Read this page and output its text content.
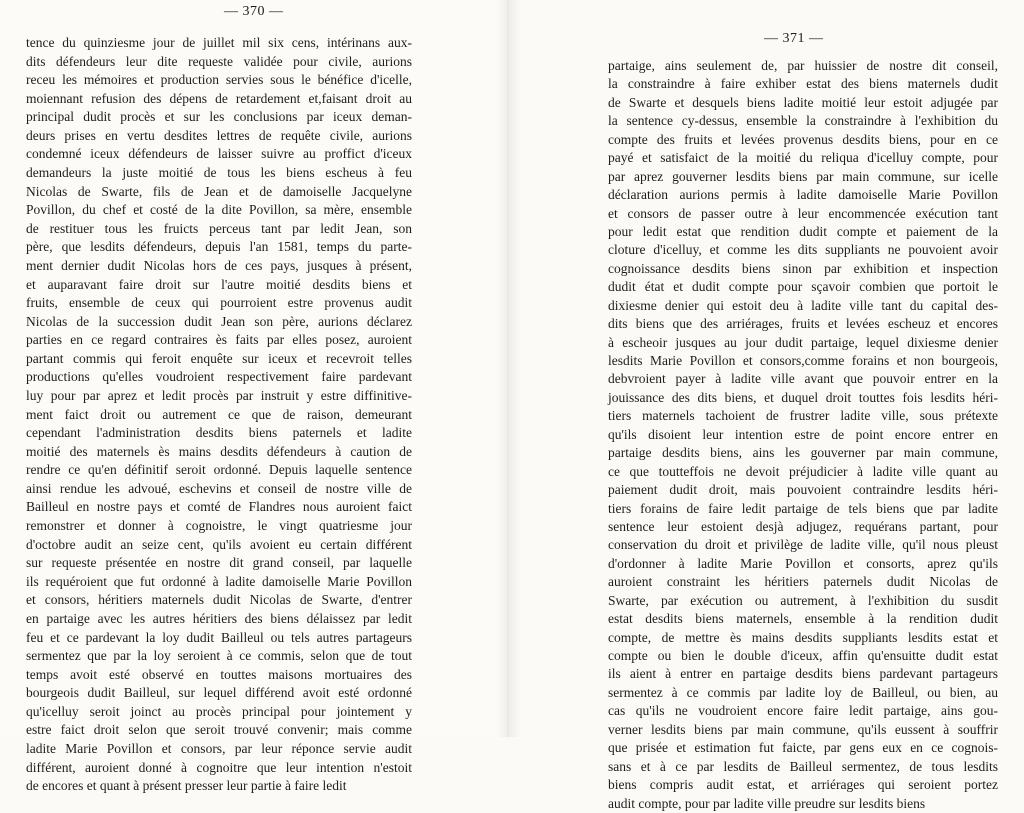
— 370 —
tence du quinziesme jour de juillet mil six cens, intérinans aux-
dits défendeurs leur dite requeste validée pour civile, aurions
receu les mémoires et production servies sous le bénéfice d'icelle,
moiennant refusion des dépens de retardement et,faisant droit au
principal dudit procès et sur les conclusions par iceux deman-
deurs prises en vertu desdites lettres de requête civile, aurions
condemné iceux défendeurs de laisser suivre au proffict d'iceux
demandeurs la juste moitié de tous les biens escheus à feu
Nicolas de Swarte, fils de Jean et de damoiselle Jacquelyne
Povillon, du chef et costé de la dite Povillon, sa mère, ensemble
de restituer tous les fruicts perceus tant par ledit Jean, son
père, que lesdits défendeurs, depuis l'an 1581, temps du parte-
ment dernier dudit Nicolas hors de ces pays, jusques à présent,
et auparavant faire droit sur l'autre moitié desdits biens et
fruits, ensemble de ceux qui pourroient estre provenus audit
Nicolas de la succession dudit Jean son père, aurions déclarez
parties en ce regard contraires ès faits par elles posez, auroient
partant commis qui feroit enquête sur iceux et recevroit telles
productions qu'elles voudroient respectivement faire pardevant
luy pour par aprez et ledit procès par instruit y estre diffinitive-
ment faict droit ou autrement ce que de raison, demeurant
cependant l'administration desdits biens paternels et ladite
moitié des maternels ès mains desdits défendeurs à caution de
rendre ce qu'en définitif seroit ordonné. Depuis laquelle sentence
ainsi rendue les advoué, eschevins et conseil de nostre ville de
Bailleul en nostre pays et comté de Flandres nous auroient faict
remonstrer et donner à cognoistre, le vingt quatriesme jour
d'octobre audit an seize cent, qu'ils avoient eu certain différent
sur requeste présentée en nostre dit grand conseil, par laquelle
ils requéroient que fut ordonné à ladite damoiselle Marie Povillon
et consors, héritiers maternels dudit Nicolas de Swarte, d'entrer
en partaige avec les autres héritiers des biens délaissez par ledit
feu et ce pardevant la loy dudit Bailleul ou tels autres partageurs
sermentez que par la loy seroient à ce commis, selon que de tout
temps avoit esté observé en touttes maisons mortuaires des
bourgeois dudit Bailleul, sur lequel différend avoit esté ordonné
qu'icelluy seroit joinct au procès principal pour jointement y
estre faict droit selon que seroit trouvé convenir; mais comme
ladite Marie Povillon et consors, par leur réponce servie audit
différent, auroient donné à cognoitre que leur intention n'estoit
de encores et quant à présent presser leur partie à faire ledit
— 371 —
partaige, ains seulement de, par huissier de nostre dit conseil,
la constraindre à faire exhiber estat des biens maternels dudit
de Swarte et desquels biens ladite moitié leur estoit adjugée par
la sentence cy-dessus, ensemble la constraindre à l'exhibition du
compte des fruits et levées provenus desdits biens, pour en ce
payé et satisfaict de la moitié du reliqua d'icelluy compte, pour
par aprez gouverner lesdits biens par main commune, sur icelle
déclaration aurions permis à ladite damoiselle Marie Povillon
et consors de passer outre à leur encommencée exécution tant
pour ledit estat que rendition dudit compte et paiement de la
cloture d'icelluy, et comme les dits suppliants ne pouvoient avoir
cognoissance desdits biens sinon par exhibition et inspection
dudit état et dudit compte pour sçavoir combien que portoit le
dixiesme denier qui estoit deu à ladite ville tant du capital des-
dits biens que des arriérages, fruits et levées escheuz et encores
à escheoir jusques au jour dudit partaige, lequel dixiesme denier
lesdits Marie Povillon et consors,comme forains et non bourgeois,
debvroient payer à ladite ville avant que pouvoir entrer en la
jouissance des dits biens, et duquel droit touttes fois lesdits héri-
tiers maternels tachoient de frustrer ladite ville, sous prétexte
qu'ils disoient leur intention estre de point encore entrer en
partaige desdits biens, ains les gouverner par main commune,
ce que toutteffois ne devoit préjudicier à ladite ville quant au
paiement dudit droit, mais pouvoient contraindre lesdits héri-
tiers forains de faire ledit partaige de tels biens que par ladite
sentence leur estoient desjà adjugez, requérans partant, pour
conservation du droit et privilège de ladite ville, qu'il nous pleust
d'ordonner à ladite Marie Povillon et consorts, aprez qu'ils
auroient constraint les héritiers paternels dudit Nicolas de
Swarte, par exécution ou autrement, à l'exhibition du susdit
estat desdits biens maternels, ensemble à la rendition dudit
compte, de mettre ès mains desdits suppliants lesdits estat et
compte ou bien le double d'iceux, affin qu'ensuitte dudit estat
ils aient à entrer en partaige desdits biens pardevant partageurs
sermentez à ce commis par ladite loy de Bailleul, ou bien, au
cas qu'ils ne voudroient encore faire ledit partaige, ains gou-
verner lesdits biens par main commune, qu'ils eussent à souffrir
que prisée et estimation fut faicte, par gens eux en ce cognois-
sans et à ce par lesdits de Bailleul sermentez, de tous lesdits
biens compris audit estat, et arriérages qui seroient portez
audit compte, pour par ladite ville preudre sur lesdits biens
